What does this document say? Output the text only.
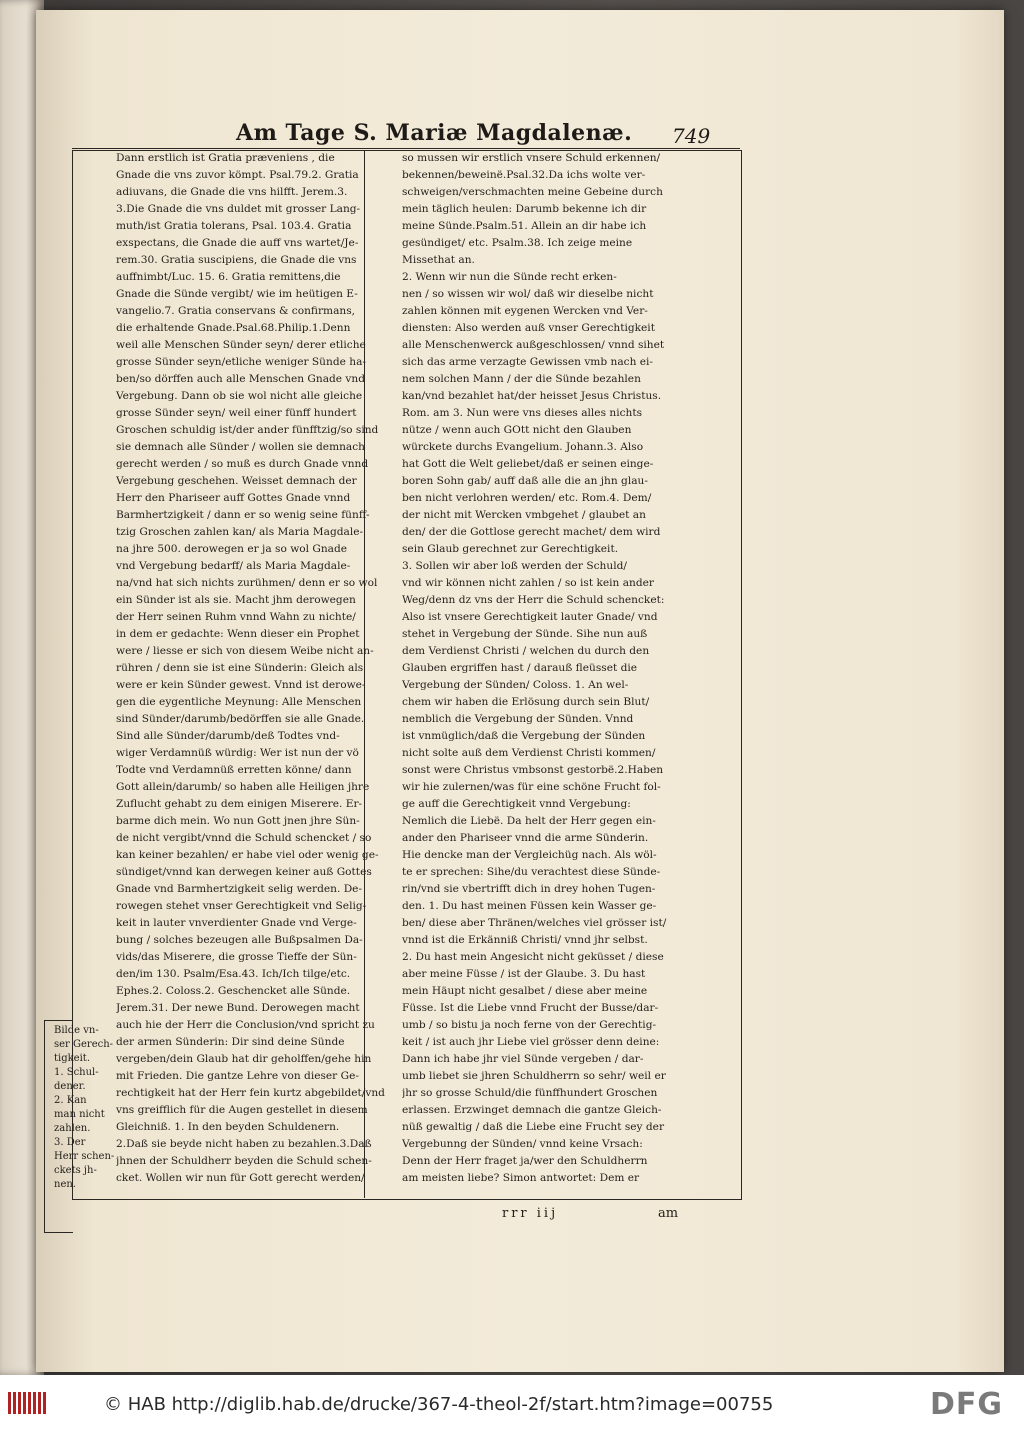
Am Tage S. Mariæ Magdalenæ. 749
Dann erstlich ist Gratia præveniens , die
Gnade die vns zuvor kömpt. Psal.79.2. Gratia
adiuvans, die Gnade die vns hilfft. Jerem.3.
3.Die Gnade die vns duldet mit grosser Lang-
muth/ist Gratia tolerans, Psal. 103.4. Gratia
exspectans, die Gnade die auff vns wartet/Je-
rem.30. Gratia suscipiens, die Gnade die vns
auffnimbt/Luc. 15. 6. Gratia remittens,die
Gnade die Sünde vergibt/ wie im heütigen E-
vangelio.7. Gratia conservans & confirmans,
die erhaltende Gnade.Psal.68.Philip.1.Denn
weil alle Menschen Sünder seyn/ derer etliche
grosse Sünder seyn/etliche weniger Sünde ha-
ben/so dörffen auch alle Menschen Gnade vnd
Vergebung. Dann ob sie wol nicht alle gleiche
grosse Sünder seyn/ weil einer fünff hundert
Groschen schuldig ist/der ander fünfftzig/so sind
sie demnach alle Sünder / wollen sie demnach
gerecht werden / so muß es durch Gnade vnnd
Vergebung geschehen. Weisset demnach der
Herr den Phariseer auff Gottes Gnade vnnd
Barmhertzigkeit / dann er so wenig seine fünff-
tzig Groschen zahlen kan/ als Maria Magdale-
na jhre 500. derowegen er ja so wol Gnade
vnd Vergebung bedarff/ als Maria Magdale-
na/vnd hat sich nichts zurühmen/ denn er so wol
ein Sünder ist als sie. Macht jhm derowegen
der Herr seinen Ruhm vnnd Wahn zu nichte/
in dem er gedachte: Wenn dieser ein Prophet
were / liesse er sich von diesem Weibe nicht an-
rühren / denn sie ist eine Sünderin: Gleich als
were er kein Sünder gewest. Vnnd ist derowe-
gen die eygentliche Meynung: Alle Menschen
sind Sünder/darumb/bedörffen sie alle Gnade.
Sind alle Sünder/darumb/deß Todtes vnd-
wiger Verdamnüß würdig: Wer ist nun der vö
Todte vnd Verdamnüß erretten könne/ dann
Gott allein/darumb/ so haben alle Heiligen jhre
Zuflucht gehabt zu dem einigen Miserere. Er-
barme dich mein. Wo nun Gott jnen jhre Sün-
de nicht vergibt/vnnd die Schuld schencket / so
kan keiner bezahlen/ er habe viel oder wenig ge-
sündiget/vnnd kan derwegen keiner auß Gottes
Gnade vnd Barmhertzigkeit selig werden. De-
rowegen stehet vnser Gerechtigkeit vnd Selig-
keit in lauter vnverdienter Gnade vnd Verge-
bung / solches bezeugen alle Bußpsalmen Da-
vids/das Miserere, die grosse Tieffe der Sün-
den/im 130. Psalm/Esa.43. Ich/Ich tilge/etc.
Ephes.2. Coloss.2. Geschencket alle Sünde.
Jerem.31. Der newe Bund. Derowegen macht
auch hie der Herr die Conclusion/vnd spricht zu
der armen Sünderin: Dir sind deine Sünde
vergeben/dein Glaub hat dir geholffen/gehe hin
mit Frieden. Die gantze Lehre von dieser Ge-
rechtigkeit hat der Herr fein kurtz abgebildet/vnd
vns greifflich für die Augen gestellet in diesem
Gleichniß. 1. In den beyden Schuldenern.
2.Daß sie beyde nicht haben zu bezahlen.3.Daß
jhnen der Schuldherr beyden die Schuld schen-
cket. Wollen wir nun für Gott gerecht werden/
so mussen wir erstlich vnsere Schuld erkennen/
bekennen/beweinë.Psal.32.Da ichs wolte ver-
schweigen/verschmachten meine Gebeine durch
mein täglich heulen: Darumb bekenne ich dir
meine Sünde.Psalm.51. Allein an dir habe ich
gesündiget/ etc. Psalm.38. Ich zeige meine
Missethat an.
2. Wenn wir nun die Sünde recht erken-
nen / so wissen wir wol/ daß wir dieselbe nicht
zahlen können mit eygenen Wercken vnd Ver-
diensten: Also werden auß vnser Gerechtigkeit
alle Menschenwerck außgeschlossen/ vnnd sihet
sich das arme verzagte Gewissen vmb nach ei-
nem solchen Mann / der die Sünde bezahlen
kan/vnd bezahlet hat/der heisset Jesus Christus.
Rom. am 3. Nun were vns dieses alles nichts
nütze / wenn auch GOtt nicht den Glauben
würckete durchs Evangelium. Johann.3. Also
hat Gott die Welt geliebet/daß er seinen einge-
boren Sohn gab/ auff daß alle die an jhn glau-
ben nicht verlohren werden/ etc. Rom.4. Dem/
der nicht mit Wercken vmbgehet / glaubet an
den/ der die Gottlose gerecht machet/ dem wird
sein Glaub gerechnet zur Gerechtigkeit.
3. Sollen wir aber loß werden der Schuld/
vnd wir können nicht zahlen / so ist kein ander
Weg/denn dz vns der Herr die Schuld schencket:
Also ist vnsere Gerechtigkeit lauter Gnade/ vnd
stehet in Vergebung der Sünde. Sihe nun auß
dem Verdienst Christi / welchen du durch den
Glauben ergriffen hast / darauß fleüsset die
Vergebung der Sünden/ Coloss. 1. An wel-
chem wir haben die Erlösung durch sein Blut/
nemblich die Vergebung der Sünden. Vnnd
ist vnmüglich/daß die Vergebung der Sünden
nicht solte auß dem Verdienst Christi kommen/
sonst were Christus vmbsonst gestorbë.2.Haben
wir hie zulernen/was für eine schöne Frucht fol-
ge auff die Gerechtigkeit vnnd Vergebung:
Nemlich die Liebë. Da helt der Herr gegen ein-
ander den Phariseer vnnd die arme Sünderin.
Hie dencke man der Vergleichüg nach. Als wöl-
te er sprechen: Sihe/du verachtest diese Sünde-
rin/vnd sie vbertrifft dich in drey hohen Tugen-
den. 1. Du hast meinen Füssen kein Wasser ge-
ben/ diese aber Thränen/welches viel grösser ist/
vnnd ist die Erkänniß Christi/ vnnd jhr selbst.
2. Du hast mein Angesicht nicht geküsset / diese
aber meine Füsse / ist der Glaube. 3. Du hast
mein Häupt nicht gesalbet / diese aber meine
Füsse. Ist die Liebe vnnd Frucht der Busse/dar-
umb / so bistu ja noch ferne von der Gerechtig-
keit / ist auch jhr Liebe viel grösser denn deine:
Dann ich habe jhr viel Sünde vergeben / dar-
umb liebet sie jhren Schuldherrn so sehr/ weil er
jhr so grosse Schuld/die fünffhundert Groschen
erlassen. Erzwinget demnach die gantze Gleich-
nüß gewaltig / daß die Liebe eine Frucht sey der
Vergebunng der Sünden/ vnnd keine Vrsach:
Denn der Herr fraget ja/wer den Schuldherrn
am meisten liebe? Simon antwortet: Dem er
Bilde vn-
ser Gerech-
tigkeit.
1. Schul-
dener.
2. Kan
man nicht
zahlen.
3. Der
Herr schen-
ckets jh-
nen.
rrr iij	am
© HAB http://diglib.hab.de/drucke/367-4-theol-2f/start.htm?image=00755	DFG
